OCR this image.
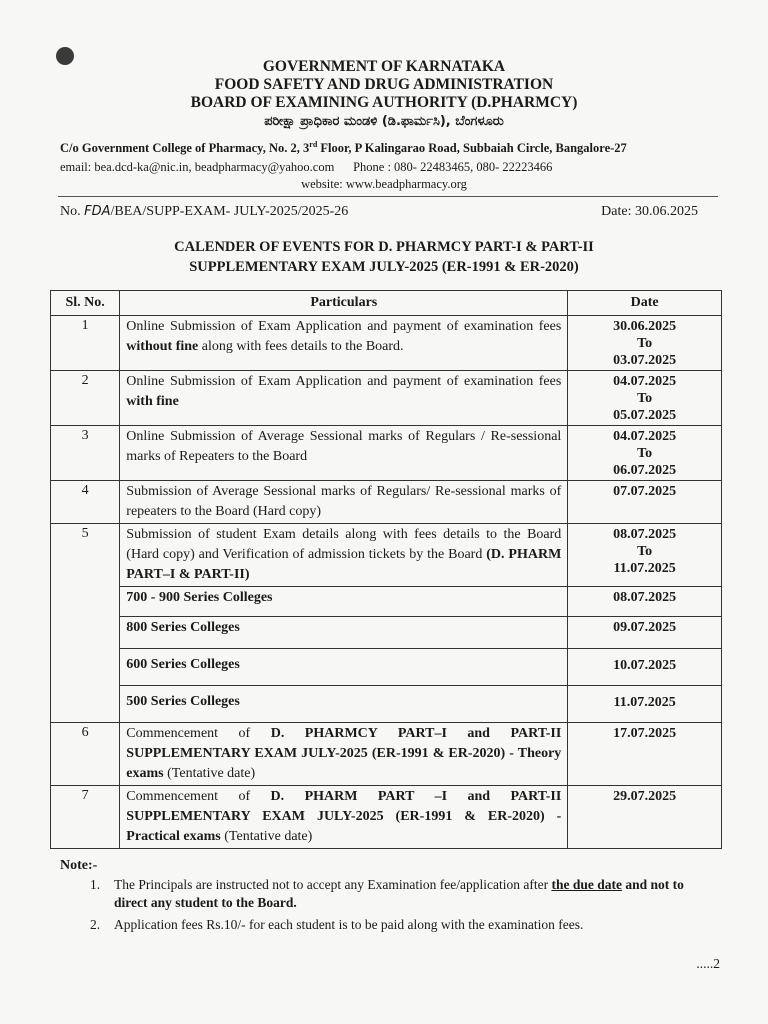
GOVERNMENT OF KARNATAKA
FOOD SAFETY AND DRUG ADMINISTRATION
BOARD OF EXAMINING AUTHORITY (D.PHARMCY)
ಪರೀಕ್ಷಾ ಪ್ರಾಧಿಕಾರ ಮಂಡಳಿ (ಡಿ.ಫಾರ್ಮಸಿ), ಬೆಂಗಳೂರು
C/o Government College of Pharmacy, No. 2, 3rd Floor, P Kalingarao Road, Subbaiah Circle, Bangalore-27
email: bea.dcd-ka@nic.in, beadpharmacy@yahoo.com Phone : 080- 22483465, 080- 22223466
website: www.beadpharmacy.org
No. FDA/BEA/SUPP-EXAM- JULY-2025/2025-26	Date: 30.06.2025
CALENDER OF EVENTS FOR D. PHARMCY PART-I & PART-II
SUPPLEMENTARY EXAM JULY-2025 (ER-1991 & ER-2020)
Sl. No.	Particulars	Date
1	Online Submission of Exam Application and payment of examination fees without fine along with fees details to the Board.	30.06.2025
To
03.07.2025

2	Online Submission of Exam Application and payment of examination fees with fine	04.07.2025
To
05.07.2025

3	Online Submission of Average Sessional marks of Regulars / Re-sessional marks of Repeaters to the Board	04.07.2025
To
06.07.2025

4	Submission of Average Sessional marks of Regulars/ Re-sessional marks of repeaters to the Board (Hard copy)	07.07.2025

5	Submission of student Exam details along with fees details to the Board (Hard copy) and Verification of admission tickets by the Board (D. PHARM PART–I & PART-II)	08.07.2025
To
11.07.2025

	700 - 900 Series Colleges	08.07.2025
	800 Series Colleges	09.07.2025
	600 Series Colleges	10.07.2025
	500 Series Colleges	11.07.2025
6	Commencement of D. PHARMCY PART–I and PART-II SUPPLEMENTARY EXAM JULY-2025 (ER-1991 & ER-2020) - Theory exams (Tentative date)	17.07.2025

7	Commencement of D. PHARM PART –I and PART-II SUPPLEMENTARY EXAM JULY-2025 (ER-1991 & ER-2020) - Practical exams (Tentative date)	29.07.2025
Note:-
1. The Principals are instructed not to accept any Examination fee/application after the due date and not to direct any student to the Board.
2. Application fees Rs.10/- for each student is to be paid along with the examination fees.
.....2
